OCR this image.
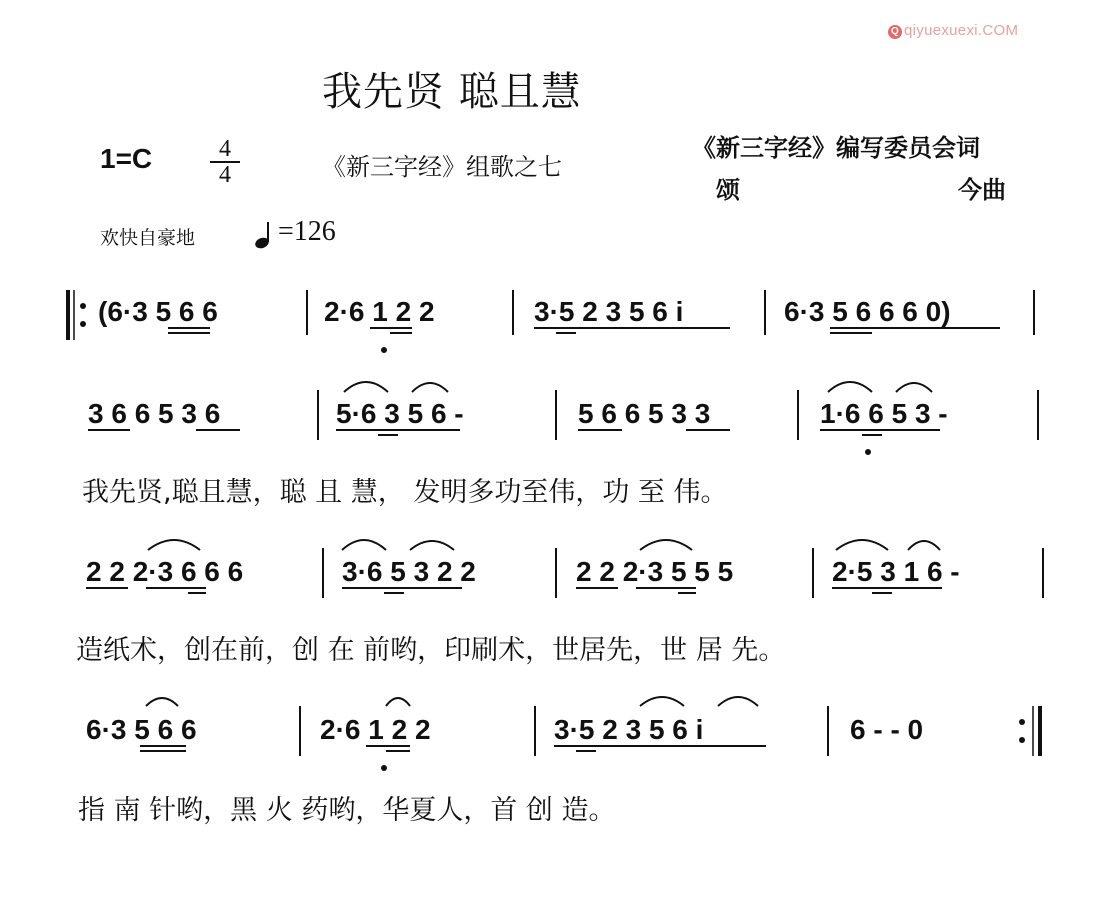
Q qiyuexuexi.COM
我先贤 聪且慧
1=C	4
4	《新三字经》组歌之七
《新三字经》编写委员会词
颂	今曲
欢快自豪地	=126
(6·3 5 6 6	2·6 1 2 2	3·5 2 3 5 6 i	6·3 5 6 6 6 0)
3 6 6 5 3 6	5·6 3 5 6 -	5 6 6 5 3 3	1·6 6 5 3 -
我先贤,聪且慧，聪 且 慧， 发明多功至伟，功 至 伟。
2 2 2·3 6 6 6	3·6 5 3 2 2	2 2 2·3 5 5 5	2·5 3 1 6 -
造纸术，创在前，创 在 前哟，印刷术，世居先，世 居 先。
6·3 5 6 6	2·6 1 2 2	3·5 2 3 5 6 i	6 - - 0
指 南 针哟，黑 火 药哟，华夏人，首 创 造。
